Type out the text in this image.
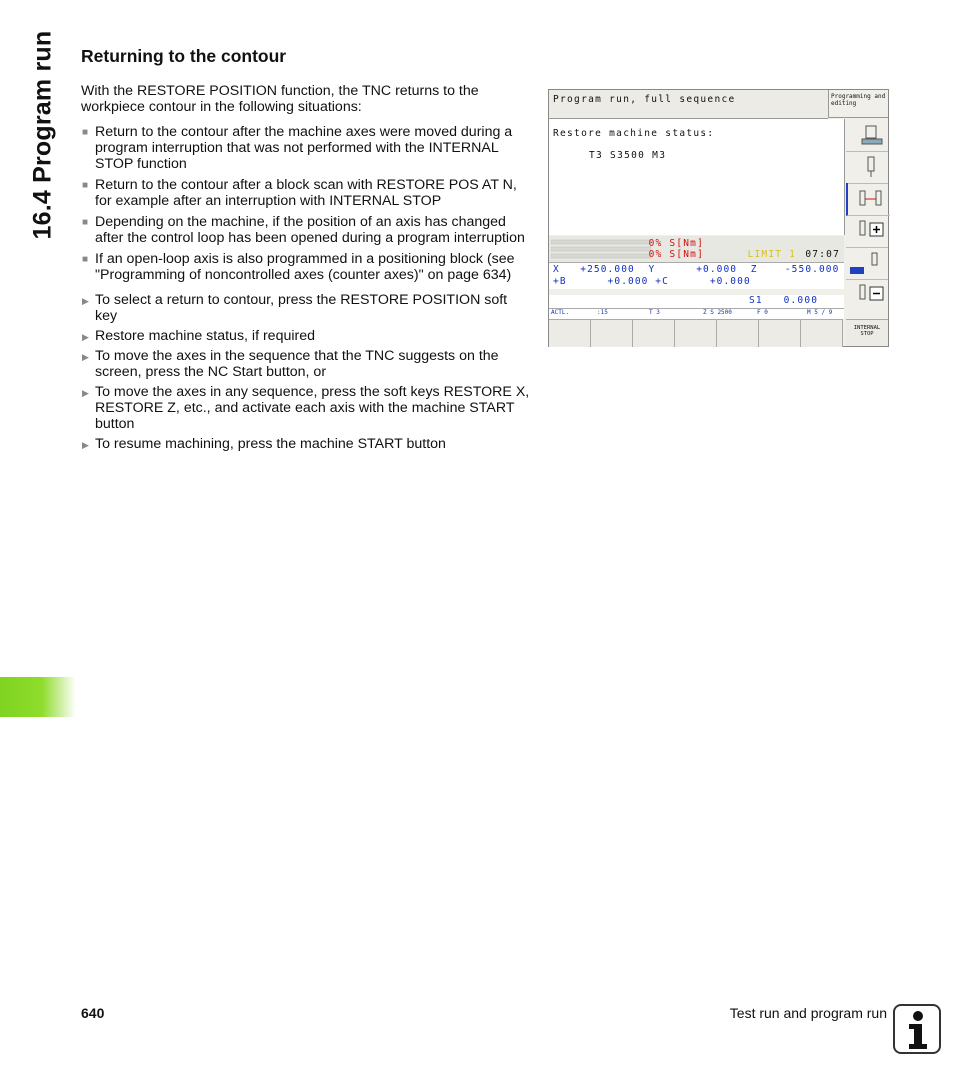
16.4 Program run Returning to the contour

With the RESTORE POSITION function, the TNC returns to the workpiece contour in the following situations:

■ Return to the contour after the machine axes were moved during a program interruption that was not performed with the INTERNAL STOP function
■ Return to the contour after a block scan with RESTORE POS AT N, for example after an interruption with INTERNAL STOP
■ Depending on the machine, if the position of an axis has changed after the control loop has been opened during a program interruption
■ If an open-loop axis is also programmed in a positioning block (see "Programming of noncontrolled axes (counter axes)" on page 634)
▶ To select a return to contour, press the RESTORE POSITION soft key
▶ Restore machine status, if required
▶ To move the axes in the sequence that the TNC suggests on the screen, press the NC Start button, or
▶ To move the axes in any sequence, press the soft keys RESTORE X, RESTORE Z, etc., and activate each axis with the machine START button
▶ To resume machining, press the machine START button
Program run, full sequence	Programming and editing
Restore machine status:
T3 S3500 M3
0% S[Nm]
0% S[Nm]	LIMIT 1 07:07
X   +250.000  Y      +0.000  Z    -550.000
+B      +0.000 +C      +0.000
S1   0.000
ACTL.	:15	T 3	Z S 2500	F 0	M 5 / 9
INTERNAL STOP
640	Test run and program run
